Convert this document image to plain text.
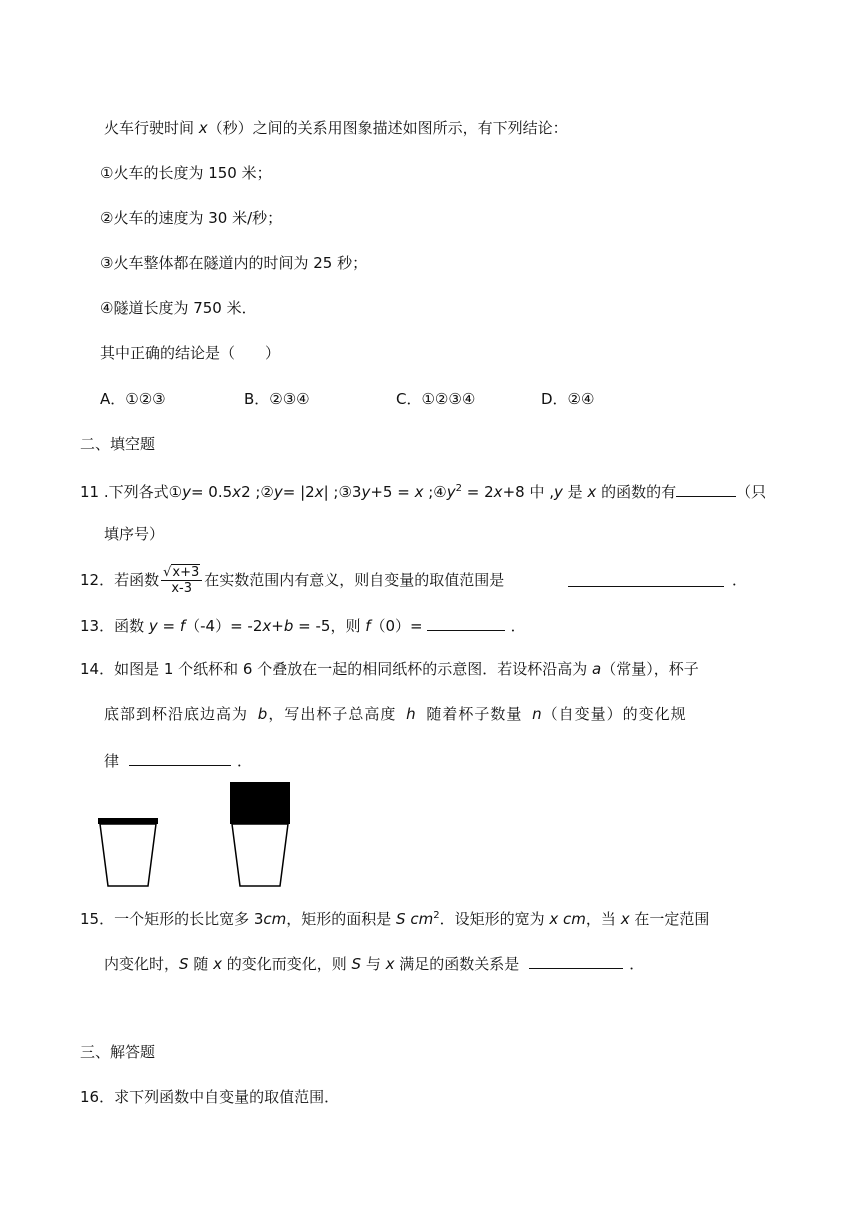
火车行驶时间 x（秒）之间的关系用图象描述如图所示，有下列结论：
①火车的长度为 150 米；
②火车的速度为 30 米/秒；
③火车整体都在隧道内的时间为 25 秒；
④隧道长度为 750 米．
其中正确的结论是（　　）
A．①②③	B．②③④	C．①②③④	D．②④
二、填空题
11 .下列各式①y= 0.5x2 ;②y= |2x| ;③3y+5 = x $;④y^2 = 2x+8$ 中 ,y 是 x 的函数的有	（只
填序号）
12．若函数 $\frac{√x+3}{x-3}$ 在实数范围内有意义，则自变量的取值范围是	．
13．函数 y = f（-4）= -2x+b = -5，则 f（0）=	．
14．如图是 1 个纸杯和 6 个叠放在一起的相同纸杯的示意图．若设杯沿高为 a（常量），杯子
底部到杯沿底边高为 b，写出杯子总高度 h 随着杯子数量 n（自变量）的变化规
律	．
15．一个矩形的长比宽多 3cm，矩形的面积是 S $cm^2$．设矩形的宽为 x cm，当 x 在一定范围
内变化时，S 随 x 的变化而变化，则 S 与 x 满足的函数关系是	．
三、解答题
16．求下列函数中自变量的取值范围．
